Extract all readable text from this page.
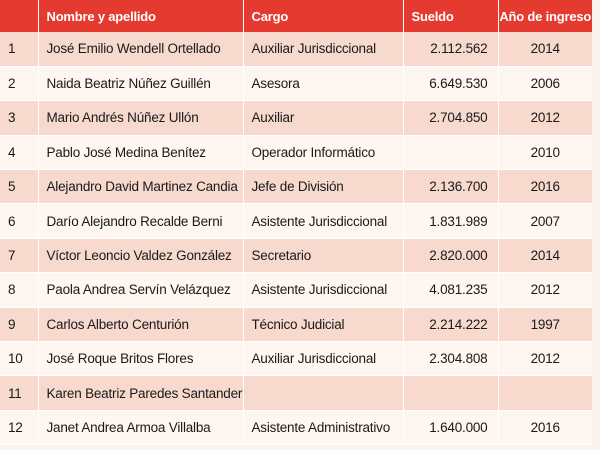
	Nombre y apellido	Cargo	Sueldo	Año de ingreso
1	José Emilio Wendell Ortellado	Auxiliar Jurisdiccional	2.112.562	2014
2	Naida Beatriz Núñez Guillén	Asesora	6.649.530	2006
3	Mario Andrés Núñez Ullón	Auxiliar	2.704.850	2012
4	Pablo José Medina Benítez	Operador Informático		2010
5	Alejandro David Martinez Candia	Jefe de División	2.136.700	2016
6	Darío Alejandro Recalde Berni	Asistente Jurisdiccional	1.831.989	2007
7	Víctor Leoncio Valdez González	Secretario	2.820.000	2014
8	Paola Andrea Servín Velázquez	Asistente Jurisdiccional	4.081.235	2012
9	Carlos Alberto Centurión	Técnico Judicial	2.214.222	1997
10	José Roque Britos Flores	Auxiliar Jurisdiccional	2.304.808	2012
11	Karen Beatriz Paredes Santander			
12	Janet Andrea Armoa Villalba	Asistente Administrativo	1.640.000	2016
